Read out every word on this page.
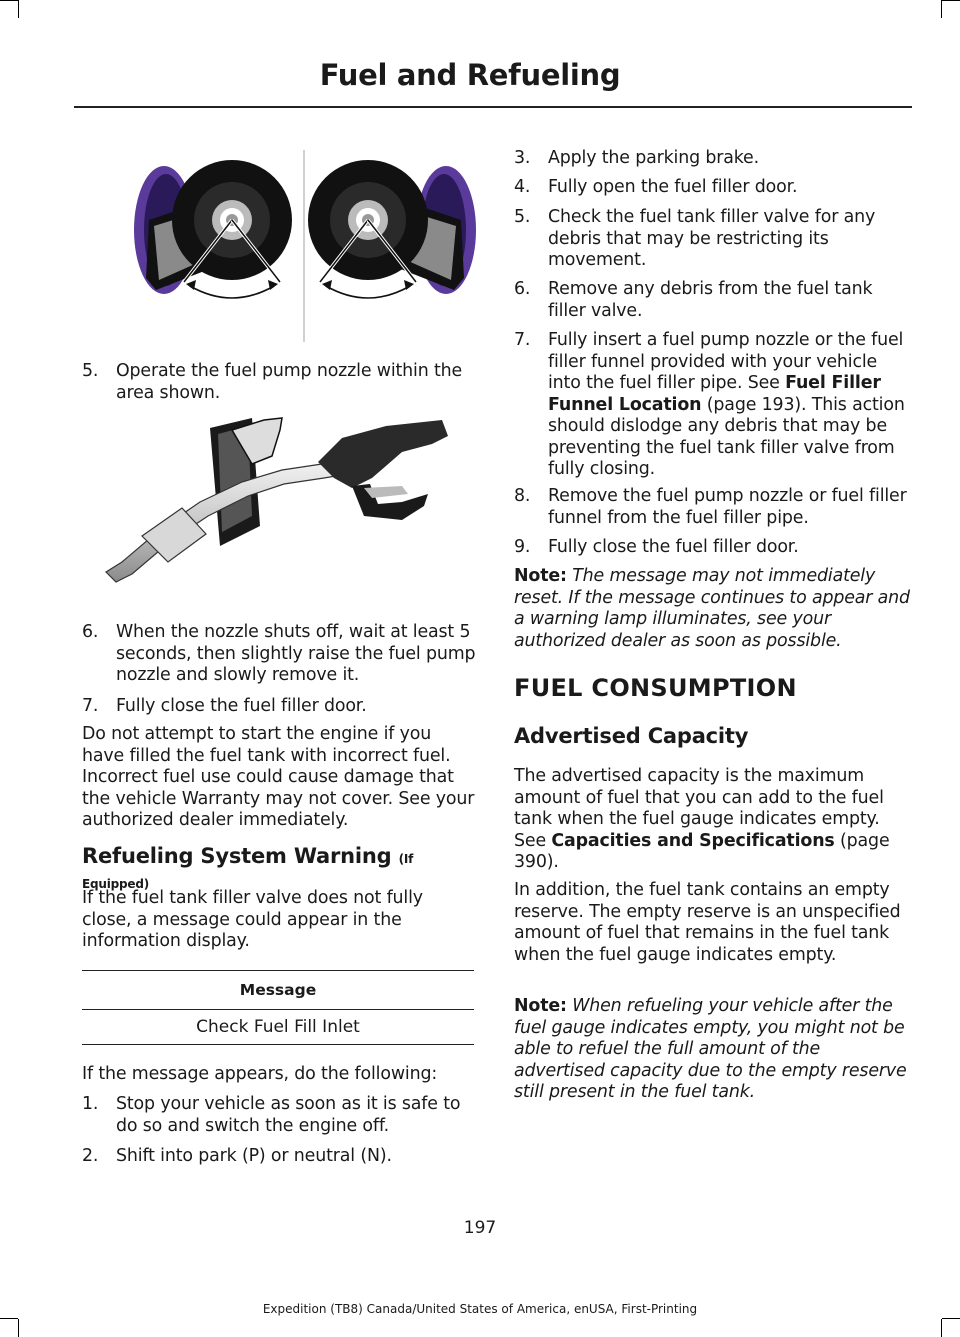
Fuel and Refueling
5.	Operate the fuel pump nozzle within the area shown.
6.	When the nozzle shuts off, wait at least 5 seconds, then slightly raise the fuel pump nozzle and slowly remove it.
7.	Fully close the fuel filler door.
Do not attempt to start the engine if you have filled the fuel tank with incorrect fuel. Incorrect fuel use could cause damage that the vehicle Warranty may not cover. See your authorized dealer immediately.
Refueling System Warning (If Equipped)
If the fuel tank filler valve does not fully close, a message could appear in the information display.
Message
Check Fuel Fill Inlet
If the message appears, do the following:
1.	Stop your vehicle as soon as it is safe to do so and switch the engine off.
2.	Shift into park (P) or neutral (N).
3.	Apply the parking brake.
4.	Fully open the fuel filler door.
5.	Check the fuel tank filler valve for any debris that may be restricting its movement.
6.	Remove any debris from the fuel tank filler valve.
7.	Fully insert a fuel pump nozzle or the fuel filler funnel provided with your vehicle into the fuel filler pipe. See Fuel Filler Funnel Location (page 193). This action should dislodge any debris that may be preventing the fuel tank filler valve from fully closing.
8.	Remove the fuel pump nozzle or fuel filler funnel from the fuel filler pipe.
9.	Fully close the fuel filler door.
Note: The message may not immediately reset. If the message continues to appear and a warning lamp illuminates, see your authorized dealer as soon as possible.
FUEL CONSUMPTION
Advertised Capacity
The advertised capacity is the maximum amount of fuel that you can add to the fuel tank when the fuel gauge indicates empty. See Capacities and Specifications (page 390).
In addition, the fuel tank contains an empty reserve. The empty reserve is an unspecified amount of fuel that remains in the fuel tank when the fuel gauge indicates empty.
Note: When refueling your vehicle after the fuel gauge indicates empty, you might not be able to refuel the full amount of the advertised capacity due to the empty reserve still present in the fuel tank.
197
Expedition (TB8) Canada/United States of America, enUSA, First-Printing
